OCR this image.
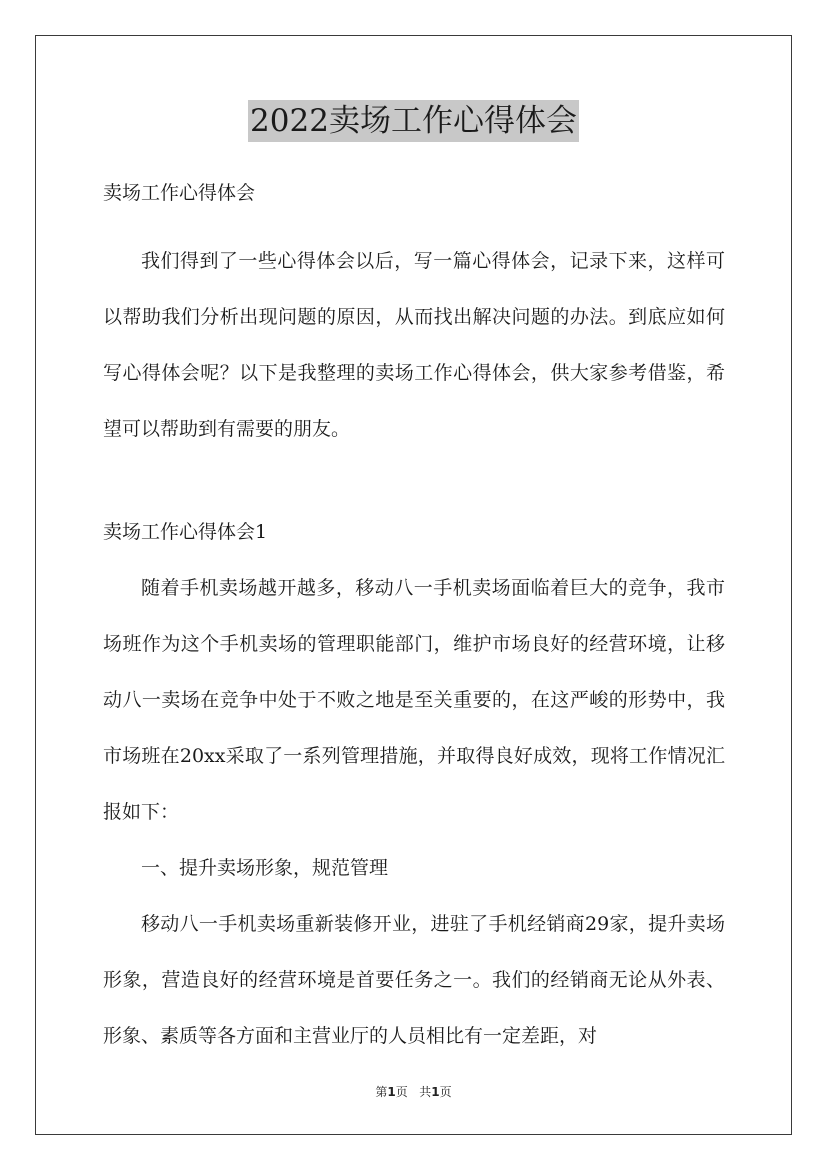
2022卖场工作心得体会

卖场工作心得体会

我们得到了一些心得体会以后，写一篇心得体会，记录下来，这样可以帮助我们分析出现问题的原因，从而找出解决问题的办法。到底应如何写心得体会呢？以下是我整理的卖场工作心得体会，供大家参考借鉴，希望可以帮助到有需要的朋友。

卖场工作心得体会1

随着手机卖场越开越多，移动八一手机卖场面临着巨大的竞争，我市场班作为这个手机卖场的管理职能部门，维护市场良好的经营环境，让移动八一卖场在竞争中处于不败之地是至关重要的，在这严峻的形势中，我市场班在20xx采取了一系列管理措施，并取得良好成效，现将工作情况汇报如下：

一、提升卖场形象，规范管理

移动八一手机卖场重新装修开业，进驻了手机经销商29家，提升卖场形象，营造良好的经营环境是首要任务之一。我们的经销商无论从外表、形象、素质等各方面和主营业厅的人员相比有一定差距，对

第1页 共1页
